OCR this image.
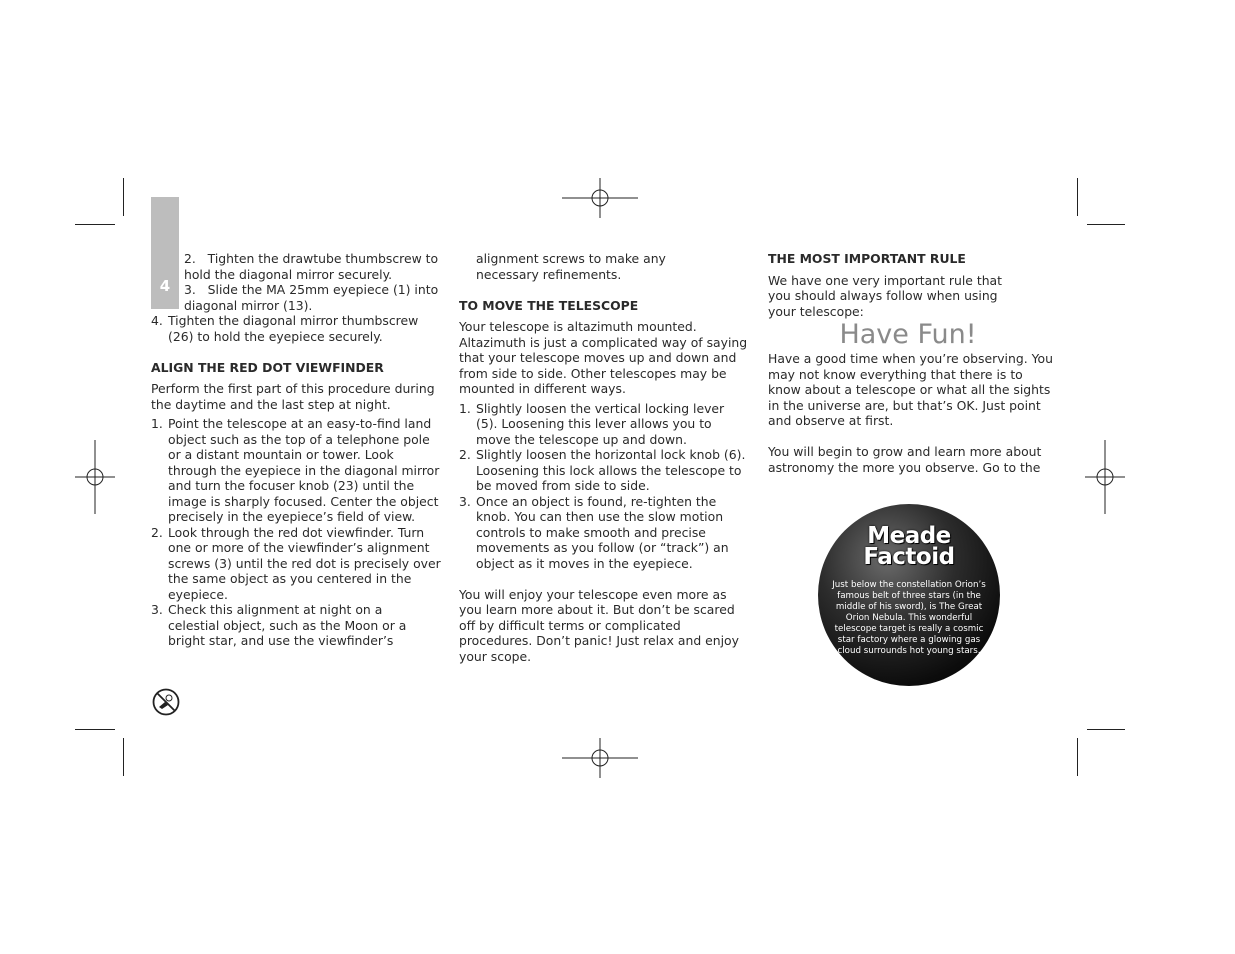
4

2. Tighten the drawtube thumbscrew to hold the diagonal mirror securely.

3. Slide the MA 25mm eyepiece (1) into diagonal mirror (13).

4. Tighten the diagonal mirror thumbscrew (26) to hold the eyepiece securely.

ALIGN THE RED DOT VIEWFINDER

Perform the first part of this procedure during the daytime and the last step at night.

1. Point the telescope at an easy-to-find land object such as the top of a telephone pole or a distant mountain or tower. Look through the eyepiece in the diagonal mirror and turn the focuser knob (23) until the image is sharply focused. Center the object precisely in the eyepiece’s field of view.

2. Look through the red dot viewfinder. Turn one or more of the viewfinder’s alignment screws (3) until the red dot is precisely over the same object as you centered in the eyepiece.

3. Check this alignment at night on a celestial object, such as the Moon or a bright star, and use the viewfinder’s

alignment screws to make any necessary refinements.

TO MOVE THE TELESCOPE

Your telescope is altazimuth mounted. Altazimuth is just a complicated way of saying that your telescope moves up and down and from side to side. Other telescopes may be mounted in different ways.

1. Slightly loosen the vertical locking lever (5). Loosening this lever allows you to move the telescope up and down.

2. Slightly loosen the horizontal lock knob (6). Loosening this lock allows the telescope to be moved from side to side.

3. Once an object is found, re-tighten the knob. You can then use the slow motion controls to make smooth and precise movements as you follow (or “track”) an object as it moves in the eyepiece.

You will enjoy your telescope even more as you learn more about it. But don’t be scared off by difficult terms or complicated procedures. Don’t panic! Just relax and enjoy your scope.

THE MOST IMPORTANT RULE

We have one very important rule that you should always follow when using your telescope:

Have Fun!

Have a good time when you’re observing. You may not know everything that there is to know about a telescope or what all the sights in the universe are, but that’s OK. Just point and observe at first.

You will begin to grow and learn more about astronomy the more you observe. Go to the

Meade
Factoid
Just below the constellation Orion’s famous belt of three stars (in the middle of his sword), is The Great Orion Nebula. This wonderful telescope target is really a cosmic star factory where a glowing gas cloud surrounds hot young stars.
